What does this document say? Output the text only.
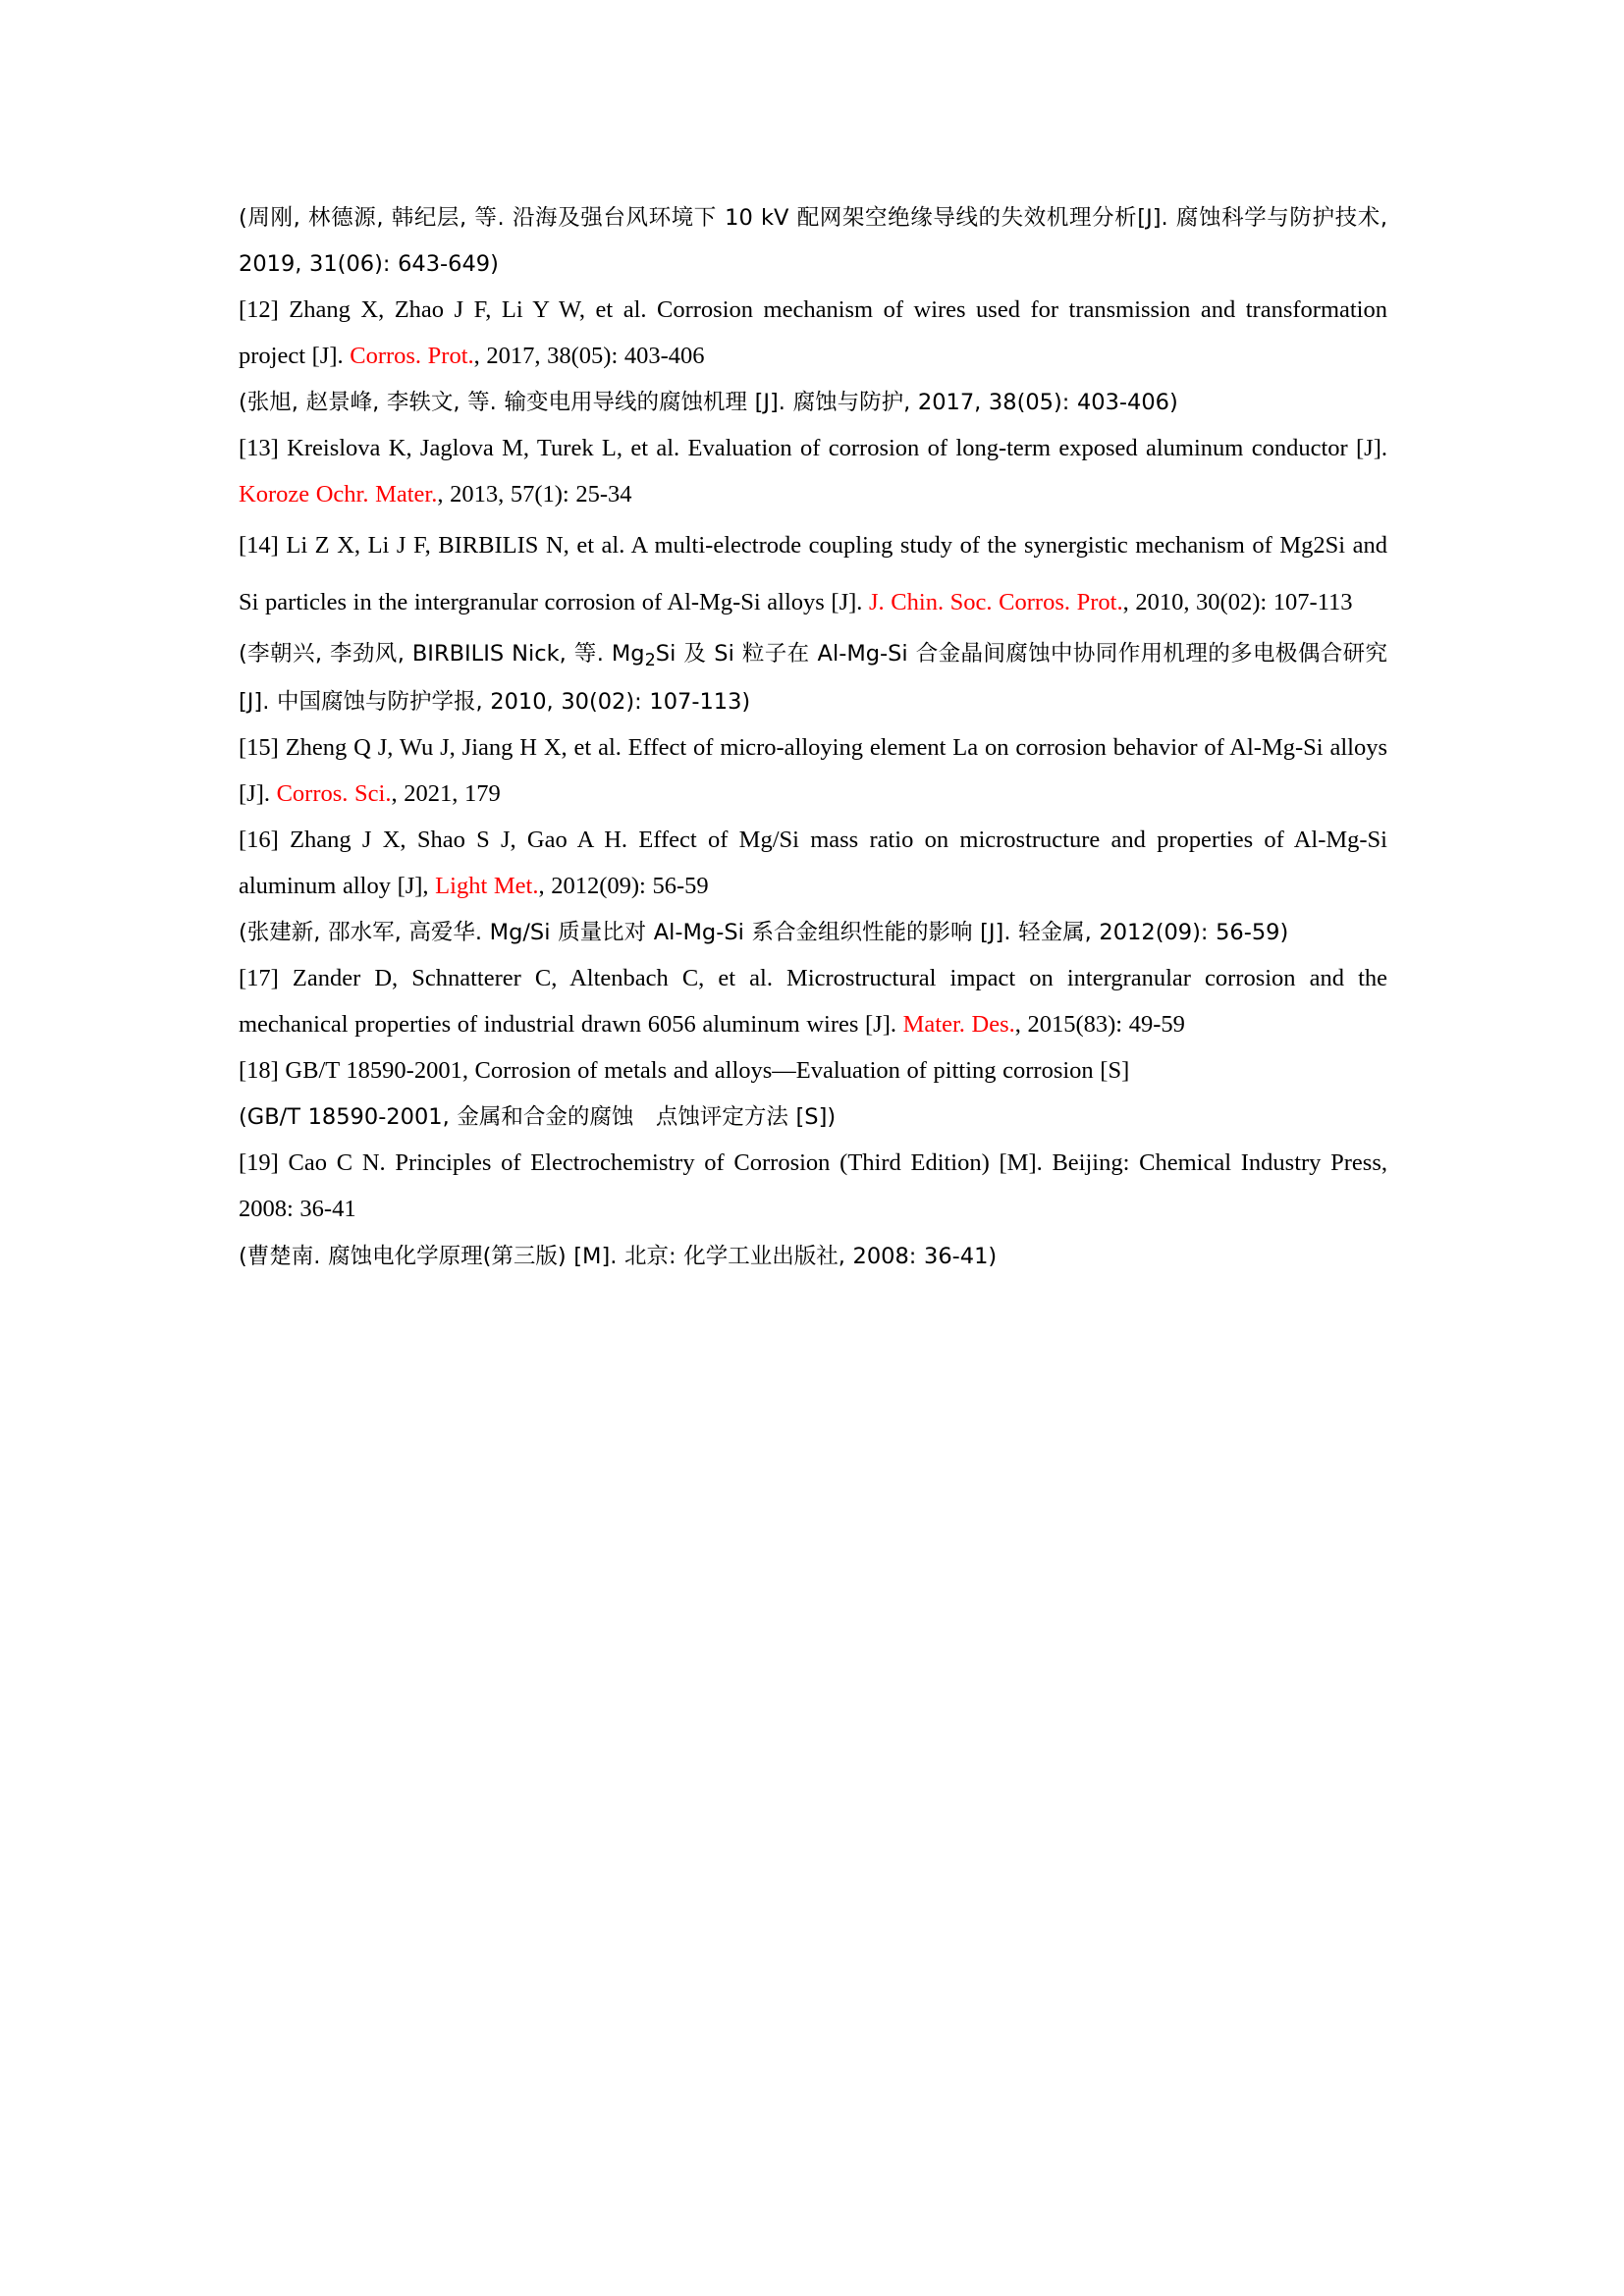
(周刚, 林德源, 韩纪层, 等. 沿海及强台风环境下 10 kV 配网架空绝缘导线的失效机理分析[J]. 腐蚀科学与防护技术, 2019, 31(06): 643-649)

[12] Zhang X, Zhao J F, Li Y W, et al. Corrosion mechanism of wires used for transmission and transformation project [J]. Corros. Prot., 2017, 38(05): 403-406

(张旭, 赵景峰, 李轶文, 等. 输变电用导线的腐蚀机理 [J]. 腐蚀与防护, 2017, 38(05): 403-406)

[13] Kreislova K, Jaglova M, Turek L, et al. Evaluation of corrosion of long-term exposed aluminum conductor [J]. Koroze Ochr. Mater., 2013, 57(1): 25-34

[14] Li Z X, Li J F, BIRBILIS N, et al. A multi-electrode coupling study of the synergistic mechanism of Mg2Si and Si particles in the intergranular corrosion of Al-Mg-Si alloys [J]. J. Chin. Soc. Corros. Prot., 2010, 30(02): 107-113

(李朝兴, 李劲风, BIRBILIS Nick, 等. $Mg_2Si$ 及 Si 粒子在 Al-Mg-Si 合金晶间腐蚀中协同作用机理的多电极偶合研究 [J]. 中国腐蚀与防护学报, 2010, 30(02): 107-113)

[15] Zheng Q J, Wu J, Jiang H X, et al. Effect of micro-alloying element La on corrosion behavior of Al-Mg-Si alloys [J]. Corros. Sci., 2021, 179

[16] Zhang J X, Shao S J, Gao A H. Effect of Mg/Si mass ratio on microstructure and properties of Al-Mg-Si aluminum alloy [J], Light Met., 2012(09): 56-59

(张建新, 邵水军, 高爱华. Mg/Si 质量比对 Al-Mg-Si 系合金组织性能的影响 [J]. 轻金属, 2012(09): 56-59)

[17] Zander D, Schnatterer C, Altenbach C, et al. Microstructural impact on intergranular corrosion and the mechanical properties of industrial drawn 6056 aluminum wires [J]. Mater. Des., 2015(83): 49-59

[18] GB/T 18590-2001, Corrosion of metals and alloys—Evaluation of pitting corrosion [S]

(GB/T 18590-2001, 金属和合金的腐蚀　点蚀评定方法 [S])

[19] Cao C N. Principles of Electrochemistry of Corrosion (Third Edition) [M]. Beijing: Chemical Industry Press, 2008: 36-41

(曹楚南. 腐蚀电化学原理(第三版) [M]. 北京: 化学工业出版社, 2008: 36-41)
